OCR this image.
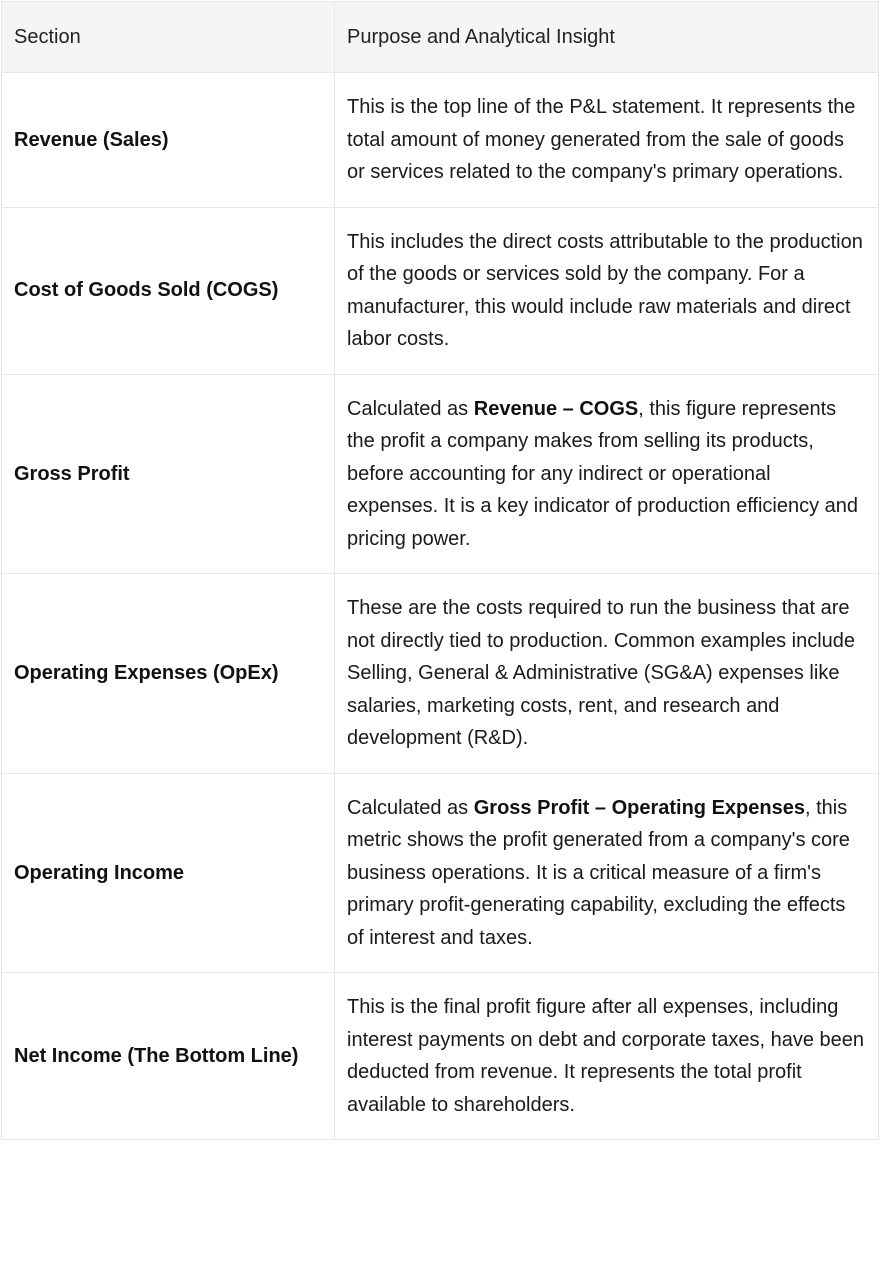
Section	Purpose and Analytical Insight
Revenue (Sales)	This is the top line of the P&L statement. It represents the total amount of money generated from the sale of goods or services related to the company's primary operations.
Cost of Goods Sold (COGS)	This includes the direct costs attributable to the production of the goods or services sold by the company. For a manufacturer, this would include raw materials and direct labor costs.
Gross Profit	Calculated as Revenue – COGS, this figure represents the profit a company makes from selling its products, before accounting for any indirect or operational expenses. It is a key indicator of production efficiency and pricing power.
Operating Expenses (OpEx)	These are the costs required to run the business that are not directly tied to production. Common examples include Selling, General & Administrative (SG&A) expenses like salaries, marketing costs, rent, and research and development (R&D).
Operating Income	Calculated as Gross Profit – Operating Expenses, this metric shows the profit generated from a company's core business operations. It is a critical measure of a firm's primary profit-generating capability, excluding the effects of interest and taxes.
Net Income (The Bottom Line)	This is the final profit figure after all expenses, including interest payments on debt and corporate taxes, have been deducted from revenue. It represents the total profit available to shareholders.
